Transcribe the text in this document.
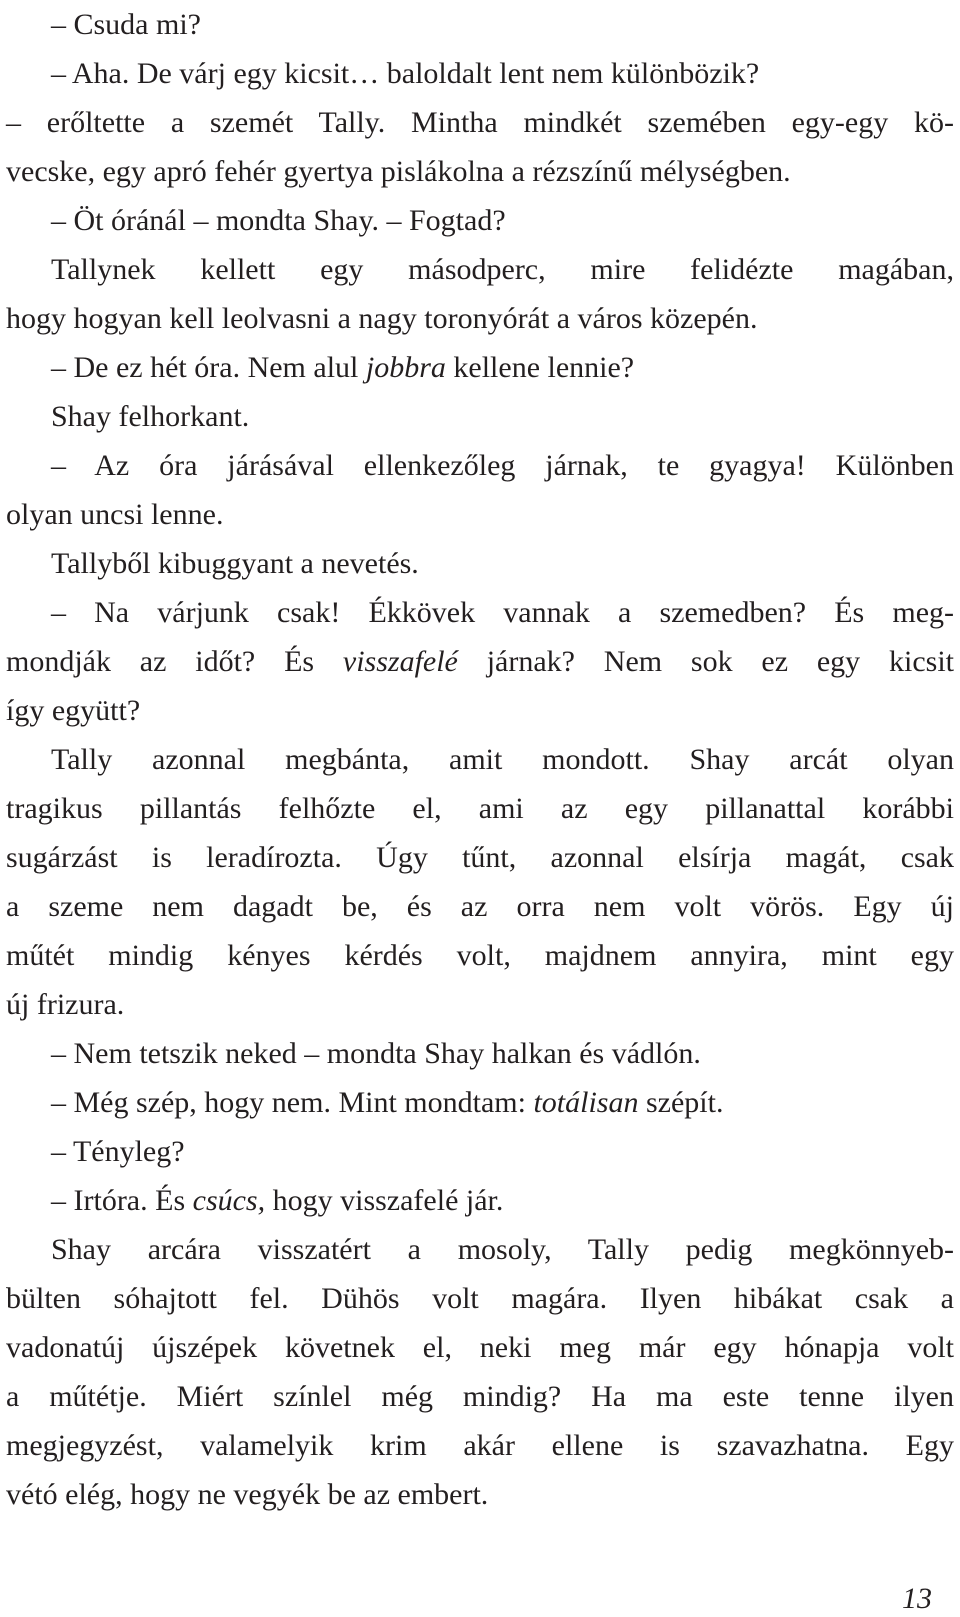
– Csuda mi?
– Aha. De várj egy kicsit… baloldalt lent nem különbözik?
– erőltette a szemét Tally. Mintha mindkét szemében egy-egy kö-
vecske, egy apró fehér gyertya pislákolna a rézszínű mélységben.
– Öt óránál – mondta Shay. – Fogtad?
Tallynek kellett egy másodperc, mire felidézte magában,
hogy hogyan kell leolvasni a nagy toronyórát a város közepén.
– De ez hét óra. Nem alul jobbra kellene lennie?
Shay felhorkant.
– Az óra járásával ellenkezőleg járnak, te gyagya! Különben
olyan uncsi lenne.
Tallyből kibuggyant a nevetés.
– Na várjunk csak! Ékkövek vannak a szemedben? És meg-
mondják az időt? És visszafelé járnak? Nem sok ez egy kicsit
így együtt?
Tally azonnal megbánta, amit mondott. Shay arcát olyan
tragikus pillantás felhőzte el, ami az egy pillanattal korábbi
sugárzást is leradírozta. Úgy tűnt, azonnal elsírja magát, csak
a szeme nem dagadt be, és az orra nem volt vörös. Egy új
műtét mindig kényes kérdés volt, majdnem annyira, mint egy
új frizura.
– Nem tetszik neked – mondta Shay halkan és vádlón.
– Még szép, hogy nem. Mint mondtam: totálisan szépít.
– Tényleg?
– Irtóra. És csúcs, hogy visszafelé jár.
Shay arcára visszatért a mosoly, Tally pedig megkönnyeb-
bülten sóhajtott fel. Dühös volt magára. Ilyen hibákat csak a
vadonatúj újszépek követnek el, neki meg már egy hónapja volt
a műtétje. Miért színlel még mindig? Ha ma este tenne ilyen
megjegyzést, valamelyik krim akár ellene is szavazhatna. Egy
vétó elég, hogy ne vegyék be az embert.
13
